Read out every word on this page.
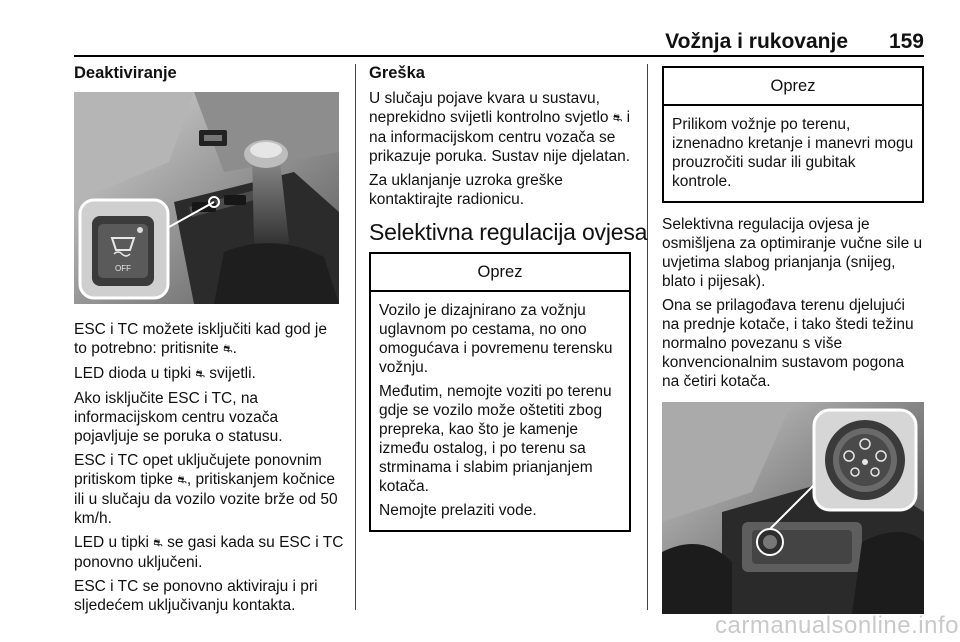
Vožnja i rukovanje 159
Deaktiviranje
OFF

ESC i TC možete isključiti kad god je to potrebno: pritisnite ⛐.

LED dioda u tipki ⛐ svijetli.

Ako isključite ESC i TC, na informacijskom centru vozača pojavljuje se poruka o statusu.

ESC i TC opet uključujete ponovnim pritiskom tipke ⛐, pritiskanjem kočnice ili u slučaju da vozilo vozite brže od 50 km/h.

LED u tipki ⛐ se gasi kada su ESC i TC ponovno uključeni.

ESC i TC se ponovno aktiviraju i pri sljedećem uključivanju kontakta.

Greška

U slučaju pojave kvara u sustavu, neprekidno svijetli kontrolno svjetlo ⛐ i na informacijskom centru vozača se prikazuje poruka. Sustav nije djelatan.

Za uklanjanje uzroka greške kontaktirajte radionicu.

Selektivna regulacija ovjesa
Oprez

Vozilo je dizajnirano za vožnju uglavnom po cestama, no ono omogućava i povremenu terensku vožnju.

Međutim, nemojte voziti po terenu gdje se vozilo može oštetiti zbog prepreka, kao što je kamenje između ostalog, i po terenu sa strminama i slabim prianjanjem kotača.

Nemojte prelaziti vode.

Oprez

Prilikom vožnje po terenu, iznenadno kretanje i manevri mogu prouzročiti sudar ili gubitak kontrole.

Selektivna regulacija ovjesa je osmišljena za optimiranje vučne sile u uvjetima slabog prianjanja (snijeg, blato i pijesak).

Ona se prilagođava terenu djelujući na prednje kotače, i tako štedi težinu normalno povezanu s više konvencionalnim sustavom pogona na četiri kotača.

carmanualsonline.info
